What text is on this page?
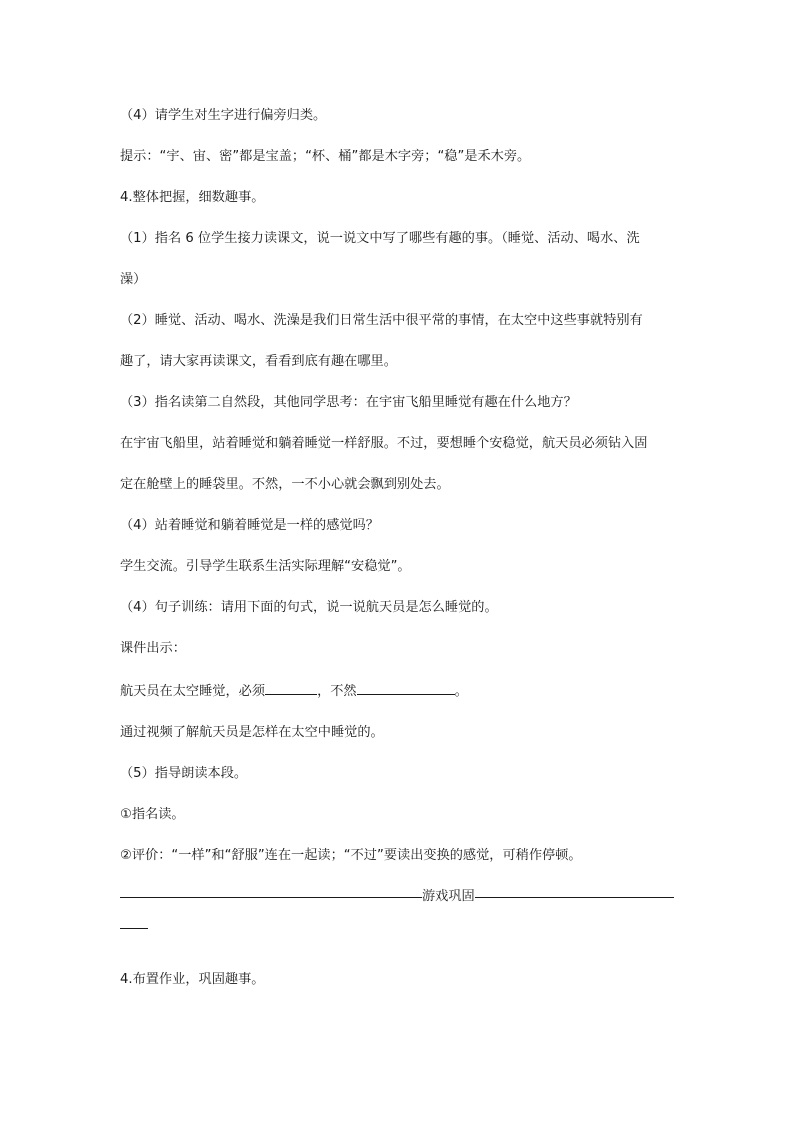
（4）请学生对生字进行偏旁归类。
提示：“宇、宙、密”都是宝盖；“杯、桶”都是木字旁；“稳”是禾木旁。
4.整体把握，细数趣事。
（1）指名 6 位学生接力读课文，说一说文中写了哪些有趣的事。（睡觉、活动、喝水、洗
澡）
（2）睡觉、活动、喝水、洗澡是我们日常生活中很平常的事情，在太空中这些事就特别有
趣了，请大家再读课文，看看到底有趣在哪里。
（3）指名读第二自然段，其他同学思考：在宇宙飞船里睡觉有趣在什么地方？
在宇宙飞船里，站着睡觉和躺着睡觉一样舒服。不过，要想睡个安稳觉，航天员必须钻入固
定在舱壁上的睡袋里。不然，一不小心就会飘到别处去。
（4）站着睡觉和躺着睡觉是一样的感觉吗？
学生交流。引导学生联系生活实际理解“安稳觉”。
（4）句子训练：请用下面的句式，说一说航天员是怎么睡觉的。
课件出示：
航天员在太空睡觉，必须	，不然	。
通过视频了解航天员是怎样在太空中睡觉的。
（5）指导朗读本段。
①指名读。
②评价：“一样”和“舒服”连在一起读；“不过”要读出变换的感觉，可稍作停顿。
游戏巩固
4.布置作业，巩固趣事。
